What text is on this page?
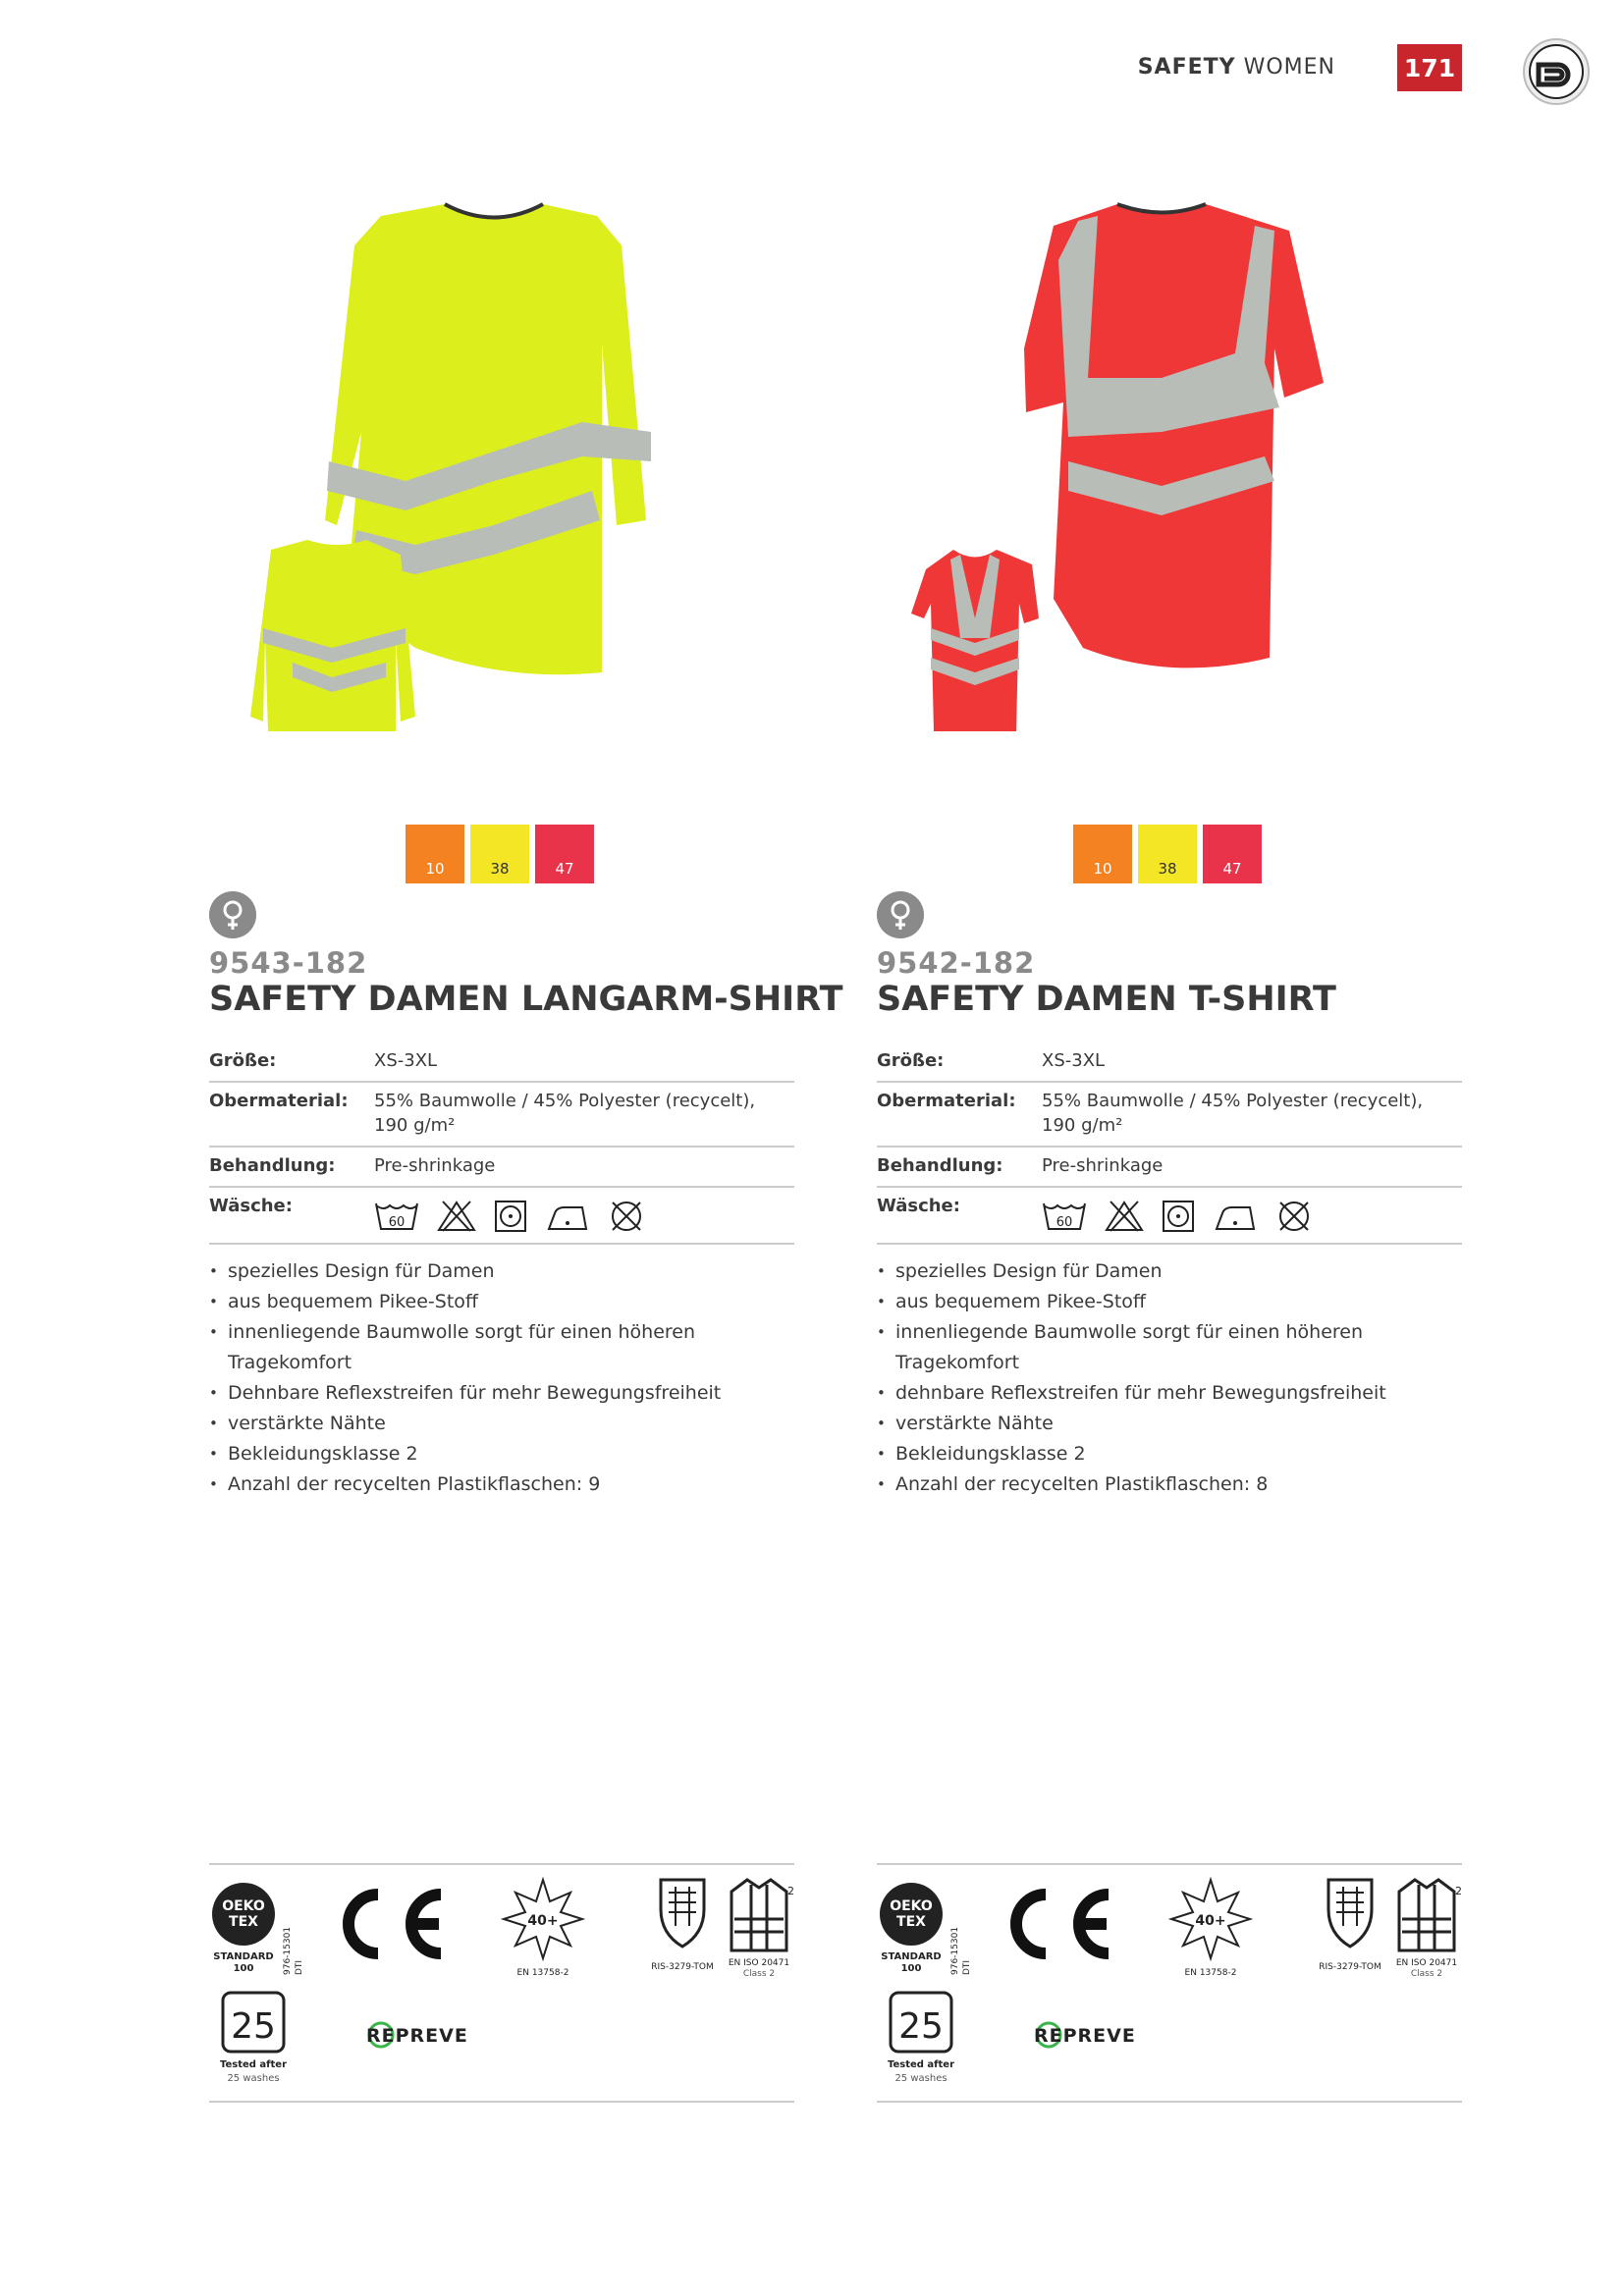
SAFETY WOMEN	171
10	38	47
9543-182
SAFETY DAMEN LANGARM-SHIRT
Größe:	XS-3XL
Obermaterial:	55% Baumwolle / 45% Polyester (recycelt),
190 g/m²
Behandlung:	Pre-shrinkage
Wäsche:
60
• spezielles Design für Damen
• aus bequemem Pikee-Stoff
• innenliegende Baumwolle sorgt für einen höheren Tragekomfort
• Dehnbare Reflexstreifen für mehr Bewegungsfreiheit
• verstärkte Nähte
• Bekleidungsklasse 2
• Anzahl der recycelten Plastikflaschen: 9
OEKO
TEX
STANDARD
100	976-15301 DTI
40+
EN 13758-2
RIS-3279-TOM
2
EN ISO 20471
Class 2
25
Tested after
25 washes
REPREVE
10	38	47
9542-182
SAFETY DAMEN T-SHIRT
Größe:	XS-3XL
Obermaterial:	55% Baumwolle / 45% Polyester (recycelt),
190 g/m²
Behandlung:	Pre-shrinkage
Wäsche:
60
• spezielles Design für Damen
• aus bequemem Pikee-Stoff
• innenliegende Baumwolle sorgt für einen höheren Tragekomfort
• dehnbare Reflexstreifen für mehr Bewegungsfreiheit
• verstärkte Nähte
• Bekleidungsklasse 2
• Anzahl der recycelten Plastikflaschen: 8
OEKO
TEX
STANDARD
100	976-15301 DTI
40+
EN 13758-2
RIS-3279-TOM
2
EN ISO 20471
Class 2
25
Tested after
25 washes
REPREVE
